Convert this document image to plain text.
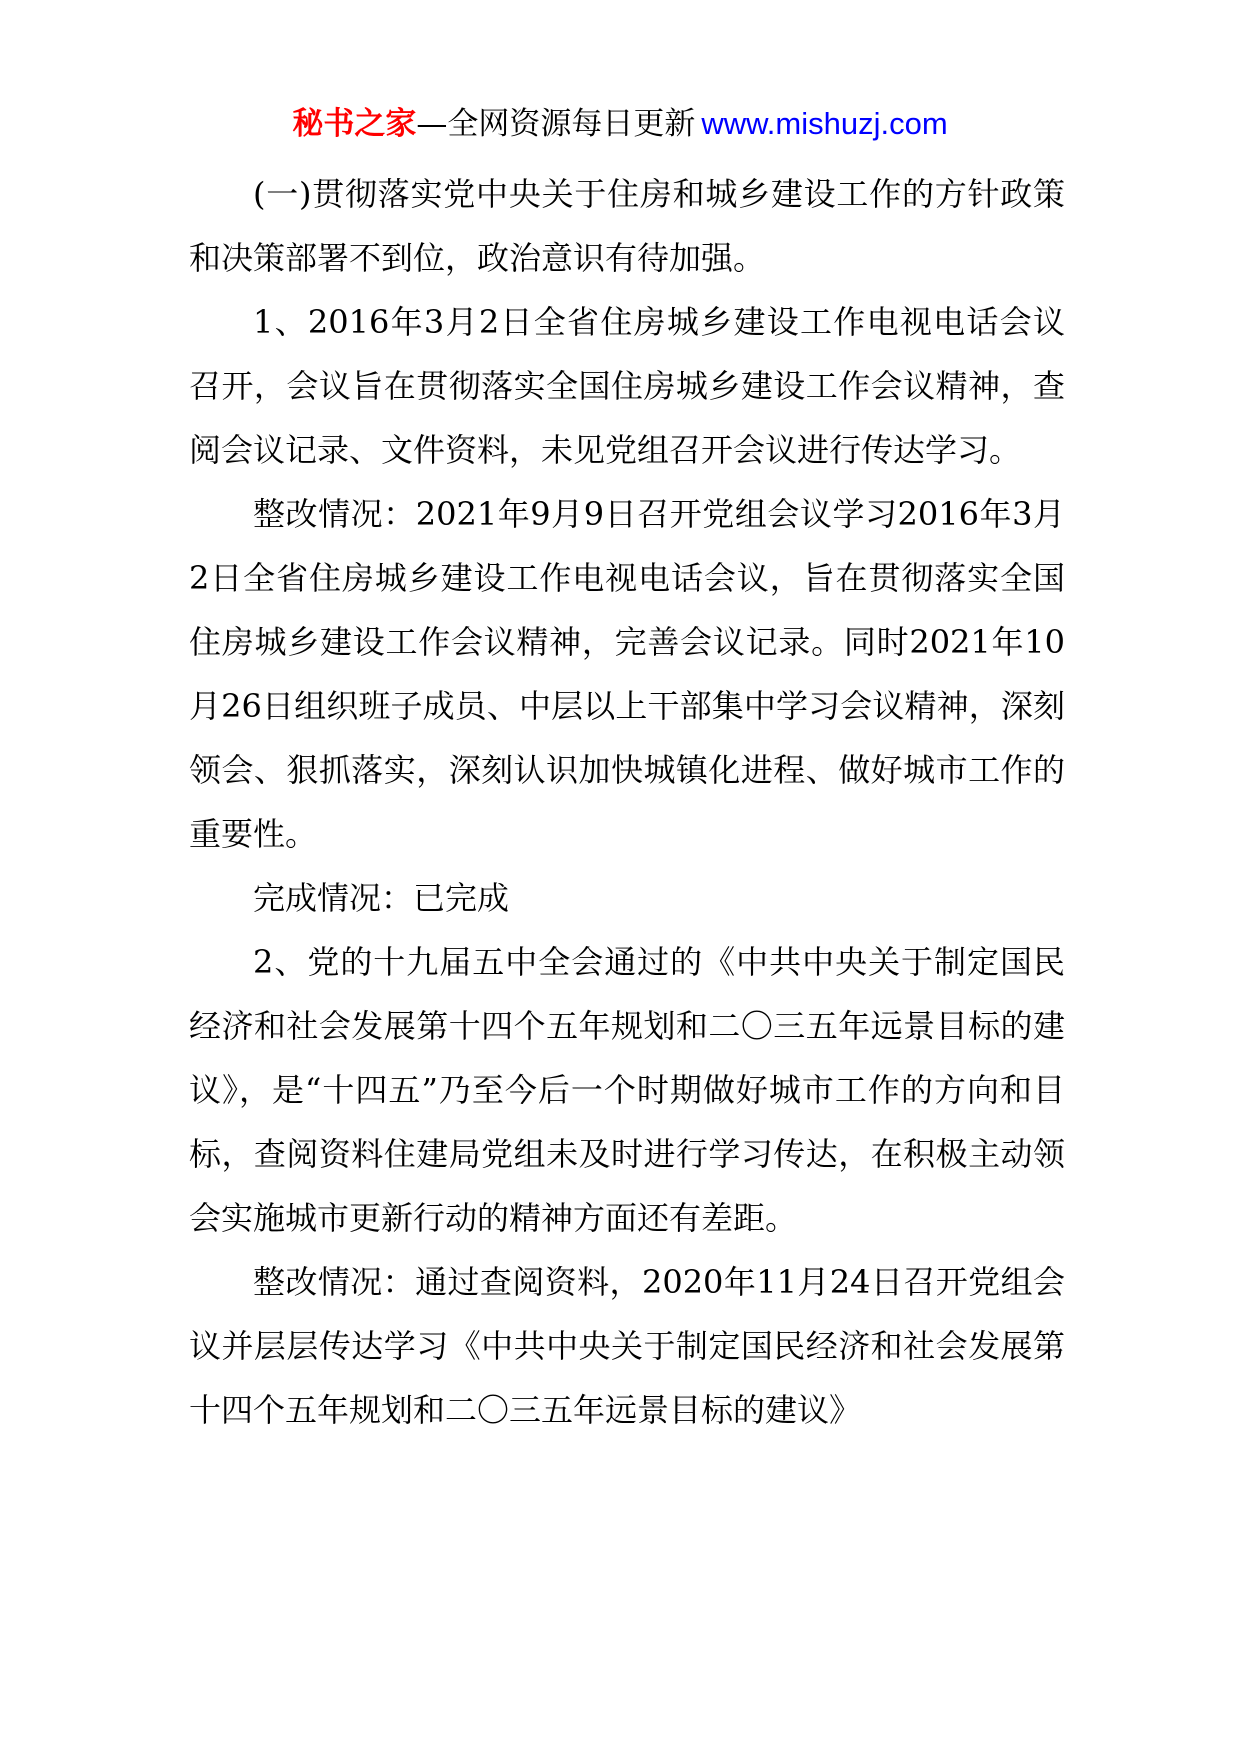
秘书之家—全网资源每日更新 www.mishuzj.com

(一)贯彻落实党中央关于住房和城乡建设工作的方针政策和决策部署不到位，政治意识有待加强。

1、2016年3月2日全省住房城乡建设工作电视电话会议召开，会议旨在贯彻落实全国住房城乡建设工作会议精神，查阅会议记录、文件资料，未见党组召开会议进行传达学习。

整改情况：2021年9月9日召开党组会议学习2016年3月2日全省住房城乡建设工作电视电话会议，旨在贯彻落实全国住房城乡建设工作会议精神，完善会议记录。同时2021年10月26日组织班子成员、中层以上干部集中学习会议精神，深刻领会、狠抓落实，深刻认识加快城镇化进程、做好城市工作的重要性。

完成情况：已完成

2、党的十九届五中全会通过的《中共中央关于制定国民经济和社会发展第十四个五年规划和二〇三五年远景目标的建议》，是“十四五”乃至今后一个时期做好城市工作的方向和目标，查阅资料住建局党组未及时进行学习传达，在积极主动领会实施城市更新行动的精神方面还有差距。

整改情况：通过查阅资料，2020年11月24日召开党组会议并层层传达学习《中共中央关于制定国民经济和社会发展第十四个五年规划和二〇三五年远景目标的建议》
